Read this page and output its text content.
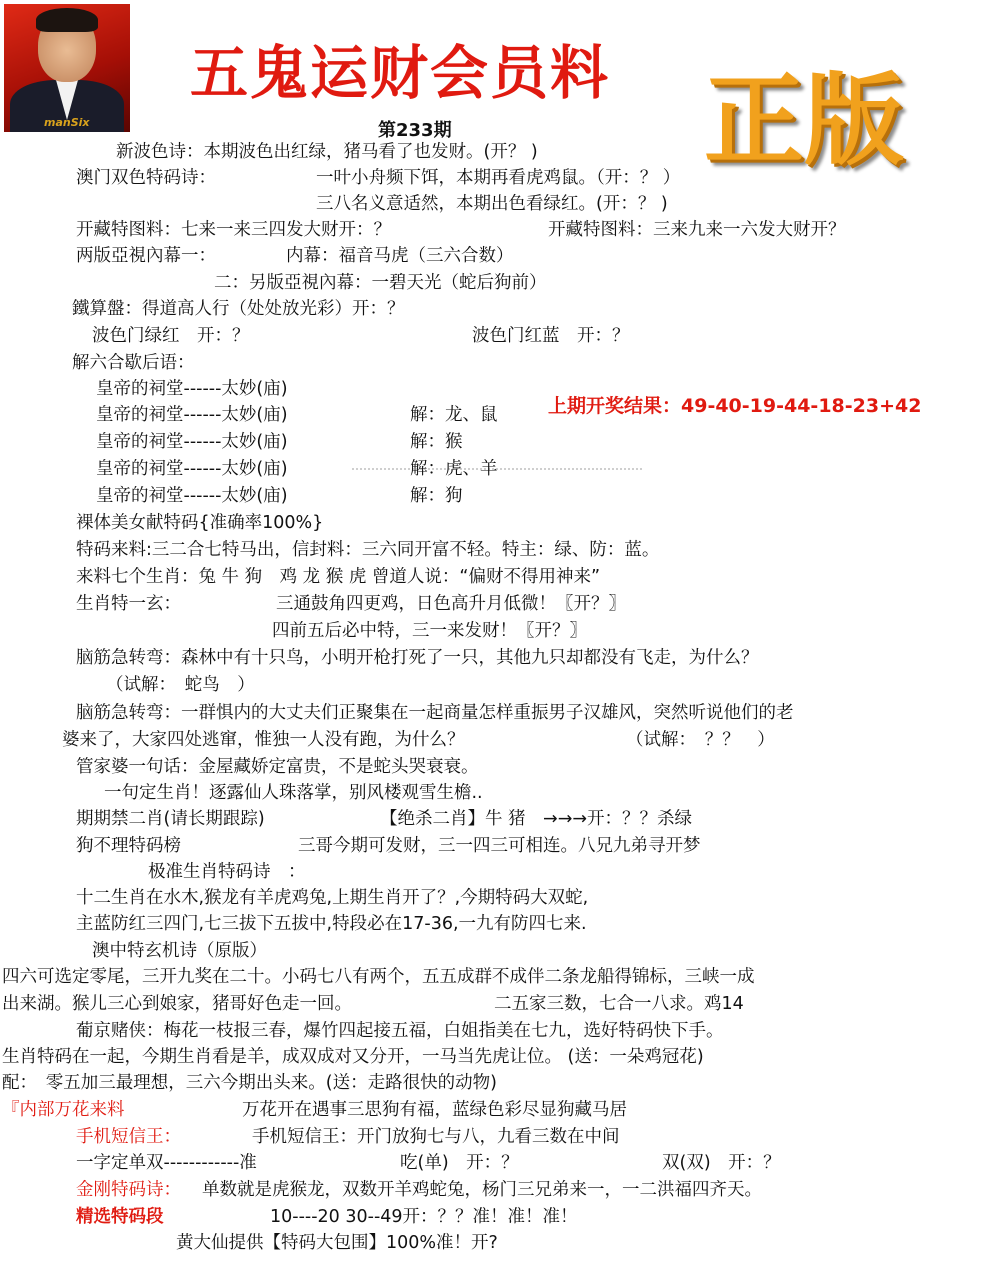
manSix
五鬼运财会员料 正版
第233期
新波色诗：本期波色出红绿，猪马看了也发财。(开？ )
澳门双色特码诗：	一叶小舟频下饵，本期再看虎鸡鼠。（开：？ ）
三八名义意适然，本期出色看绿红。(开：？ )
开藏特图料：七来一来三四发大财开：？	开藏特图料：三来九来一六发大财开？
两版亞視內幕一：	内幕：福音马虎（三六合数）
二：另版亞視內幕：一碧天光（蛇后狗前）
鐵算盤：得道高人行（处处放光彩）开：？
波色门绿红　开：？	波色门红蓝　开：？
解六合歇后语：
皇帝的祠堂------太妙(庙)
皇帝的祠堂------太妙(庙)	解：龙、鼠
皇帝的祠堂------太妙(庙)	解：猴
皇帝的祠堂------太妙(庙)	解：虎、羊
皇帝的祠堂------太妙(庙)	解：狗
上期开奖结果：49-40-19-44-18-23+42
裸体美女献特码{准确率100%}
特码来料:三二合七特马出，信封料：三六同开富不轻。特主：绿、防：蓝。
来料七个生肖：兔 牛 狗　鸡 龙 猴 虎 曾道人说：“偏财不得用神来”
生肖特一玄：	三通鼓角四更鸡，日色高升月低微！〖开？〗
四前五后必中特，三一来发财！〖开？〗
脑筋急转弯：森林中有十只鸟，小明开枪打死了一只，其他九只却都没有飞走，为什么？
（试解：　蛇鸟　）
脑筋急转弯：一群惧内的大丈夫们正聚集在一起商量怎样重振男子汉雄风，突然听说他们的老
婆来了，大家四处逃窜，惟独一人没有跑，为什么？	（试解：　？？　）
管家婆一句话：金屋藏娇定富贵，不是蛇头哭衰衰。
一句定生肖！逐露仙人珠落掌，别风楼观雪生檐..
期期禁二肖(请长期跟踪)	【绝杀二肖】牛 猪　→→→开：？？杀绿
狗不理特码榜	三哥今期可发财，三一四三可相连。八兄九弟寻开梦
极准生肖特码诗　：
十二生肖在水木,猴龙有羊虎鸡兔,上期生肖开了？,今期特码大双蛇,
主蓝防红三四门,七三拔下五拔中,特段必在17-36,一九有防四七来.
澳中特玄机诗（原版）
四六可选定零尾，三开九奖在二十。小码七八有两个，五五成群不成伴二条龙船得锦标，三峡一成
出来湖。猴儿三心到娘家，猪哥好色走一回。	二五家三数，七合一八求。鸡14
葡京赌侠：梅花一枝报三春，爆竹四起接五福，白姐指美在七九，选好特码快下手。
生肖特码在一起，今期生肖看是羊，成双成对又分开，一马当先虎让位。 (送：一朵鸡冠花)
配：　零五加三最理想，三六今期出头来。(送：走路很快的动物)
『内部万花来料	万花开在遇事三思狗有福，蓝绿色彩尽显狗藏马居
手机短信王：	手机短信王：开门放狗七与八，九看三数在中间
一字定单双------------准	吃(单)　开：？	双(双)　开：？
金刚特码诗： 单数就是虎猴龙，双数开羊鸡蛇兔，杨门三兄弟来一，一二洪福四齐天。
精选特码段	10----20 30--49开：？？准！准！准！
黄大仙提供【特码大包围】100%准！开?
